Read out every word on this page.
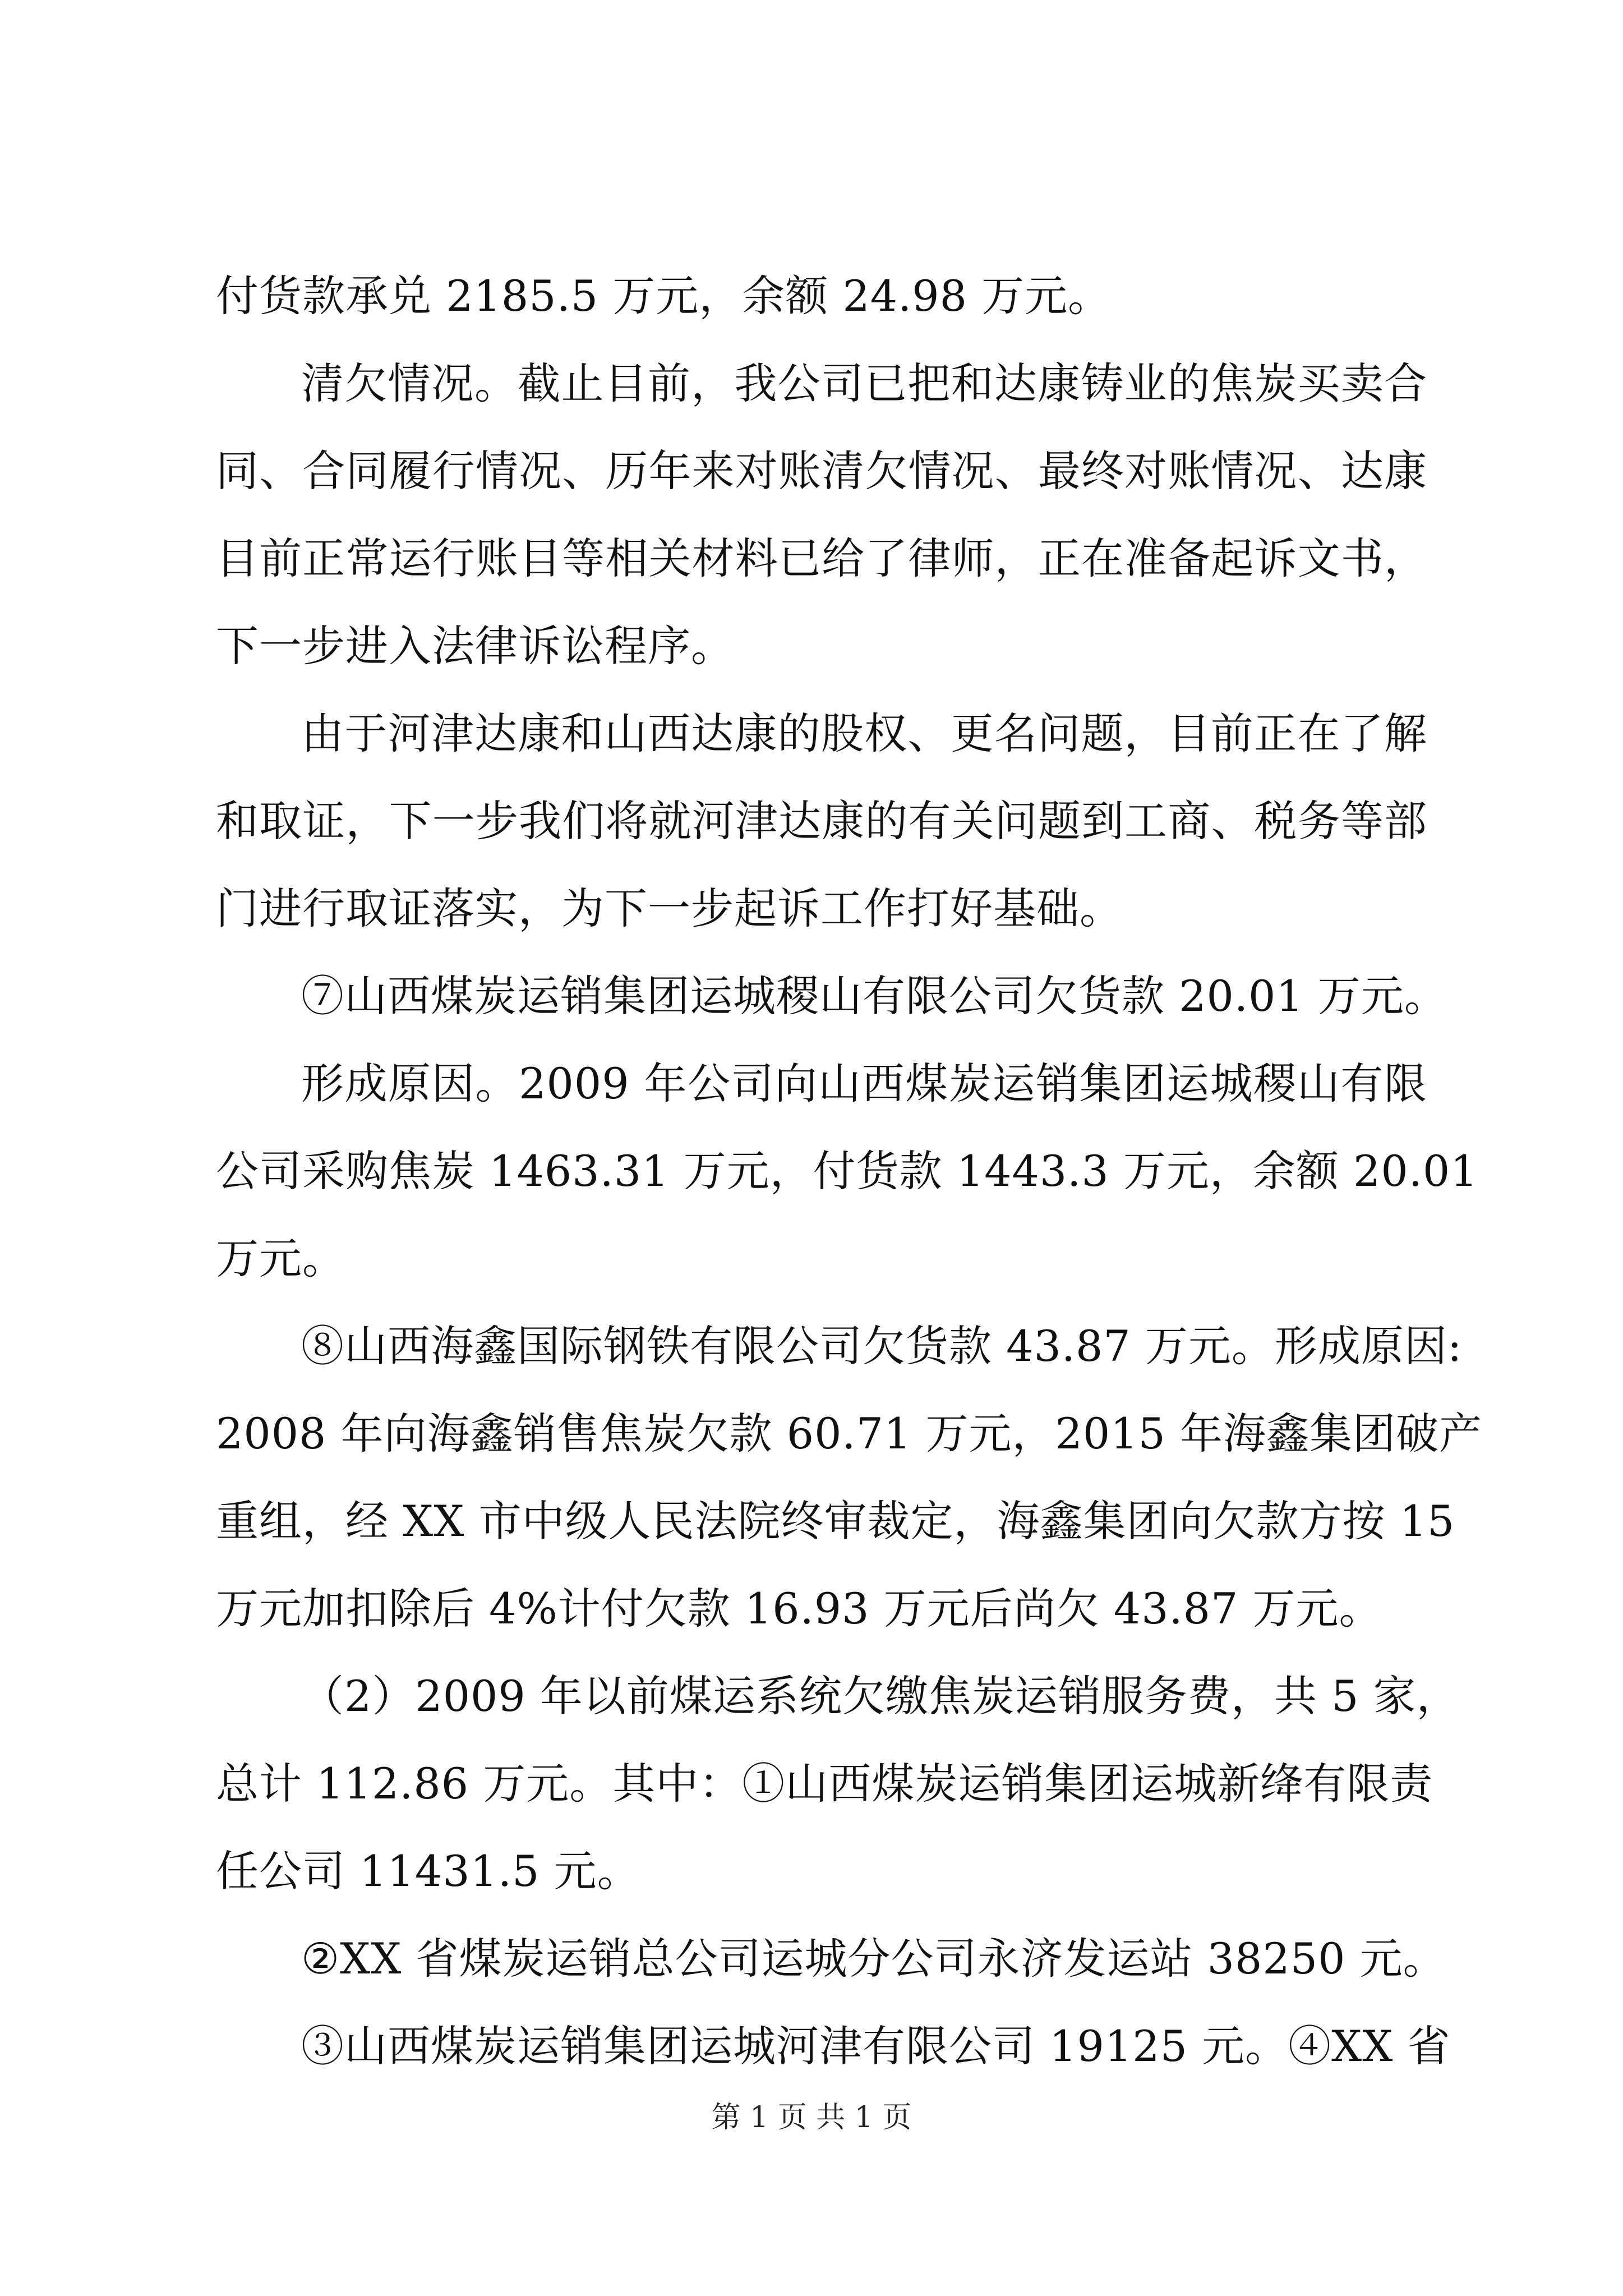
付货款承兑 2185.5 万元，余额 24.98 万元。
清欠情况。截止目前，我公司已把和达康铸业的焦炭买卖合
同、合同履行情况、历年来对账清欠情况、最终对账情况、达康
目前正常运行账目等相关材料已给了律师，正在准备起诉文书，
下一步进入法律诉讼程序。
由于河津达康和山西达康的股权、更名问题，目前正在了解
和取证，下一步我们将就河津达康的有关问题到工商、税务等部
门进行取证落实，为下一步起诉工作打好基础。
⑦山西煤炭运销集团运城稷山有限公司欠货款 20.01 万元。
形成原因。2009 年公司向山西煤炭运销集团运城稷山有限
公司采购焦炭 1463.31 万元，付货款 1443.3 万元，余额 20.01
万元。
⑧山西海鑫国际钢铁有限公司欠货款 43.87 万元。形成原因:
2008 年向海鑫销售焦炭欠款 60.71 万元，2015 年海鑫集团破产
重组，经 XX 市中级人民法院终审裁定，海鑫集团向欠款方按 15
万元加扣除后 4%计付欠款 16.93 万元后尚欠 43.87 万元。
（2）2009 年以前煤运系统欠缴焦炭运销服务费，共 5 家，
总计 112.86 万元。其中：①山西煤炭运销集团运城新绛有限责
任公司 11431.5 元。
②XX 省煤炭运销总公司运城分公司永济发运站 38250 元。
③山西煤炭运销集团运城河津有限公司 19125 元。④XX 省
第 1 页 共 1 页
